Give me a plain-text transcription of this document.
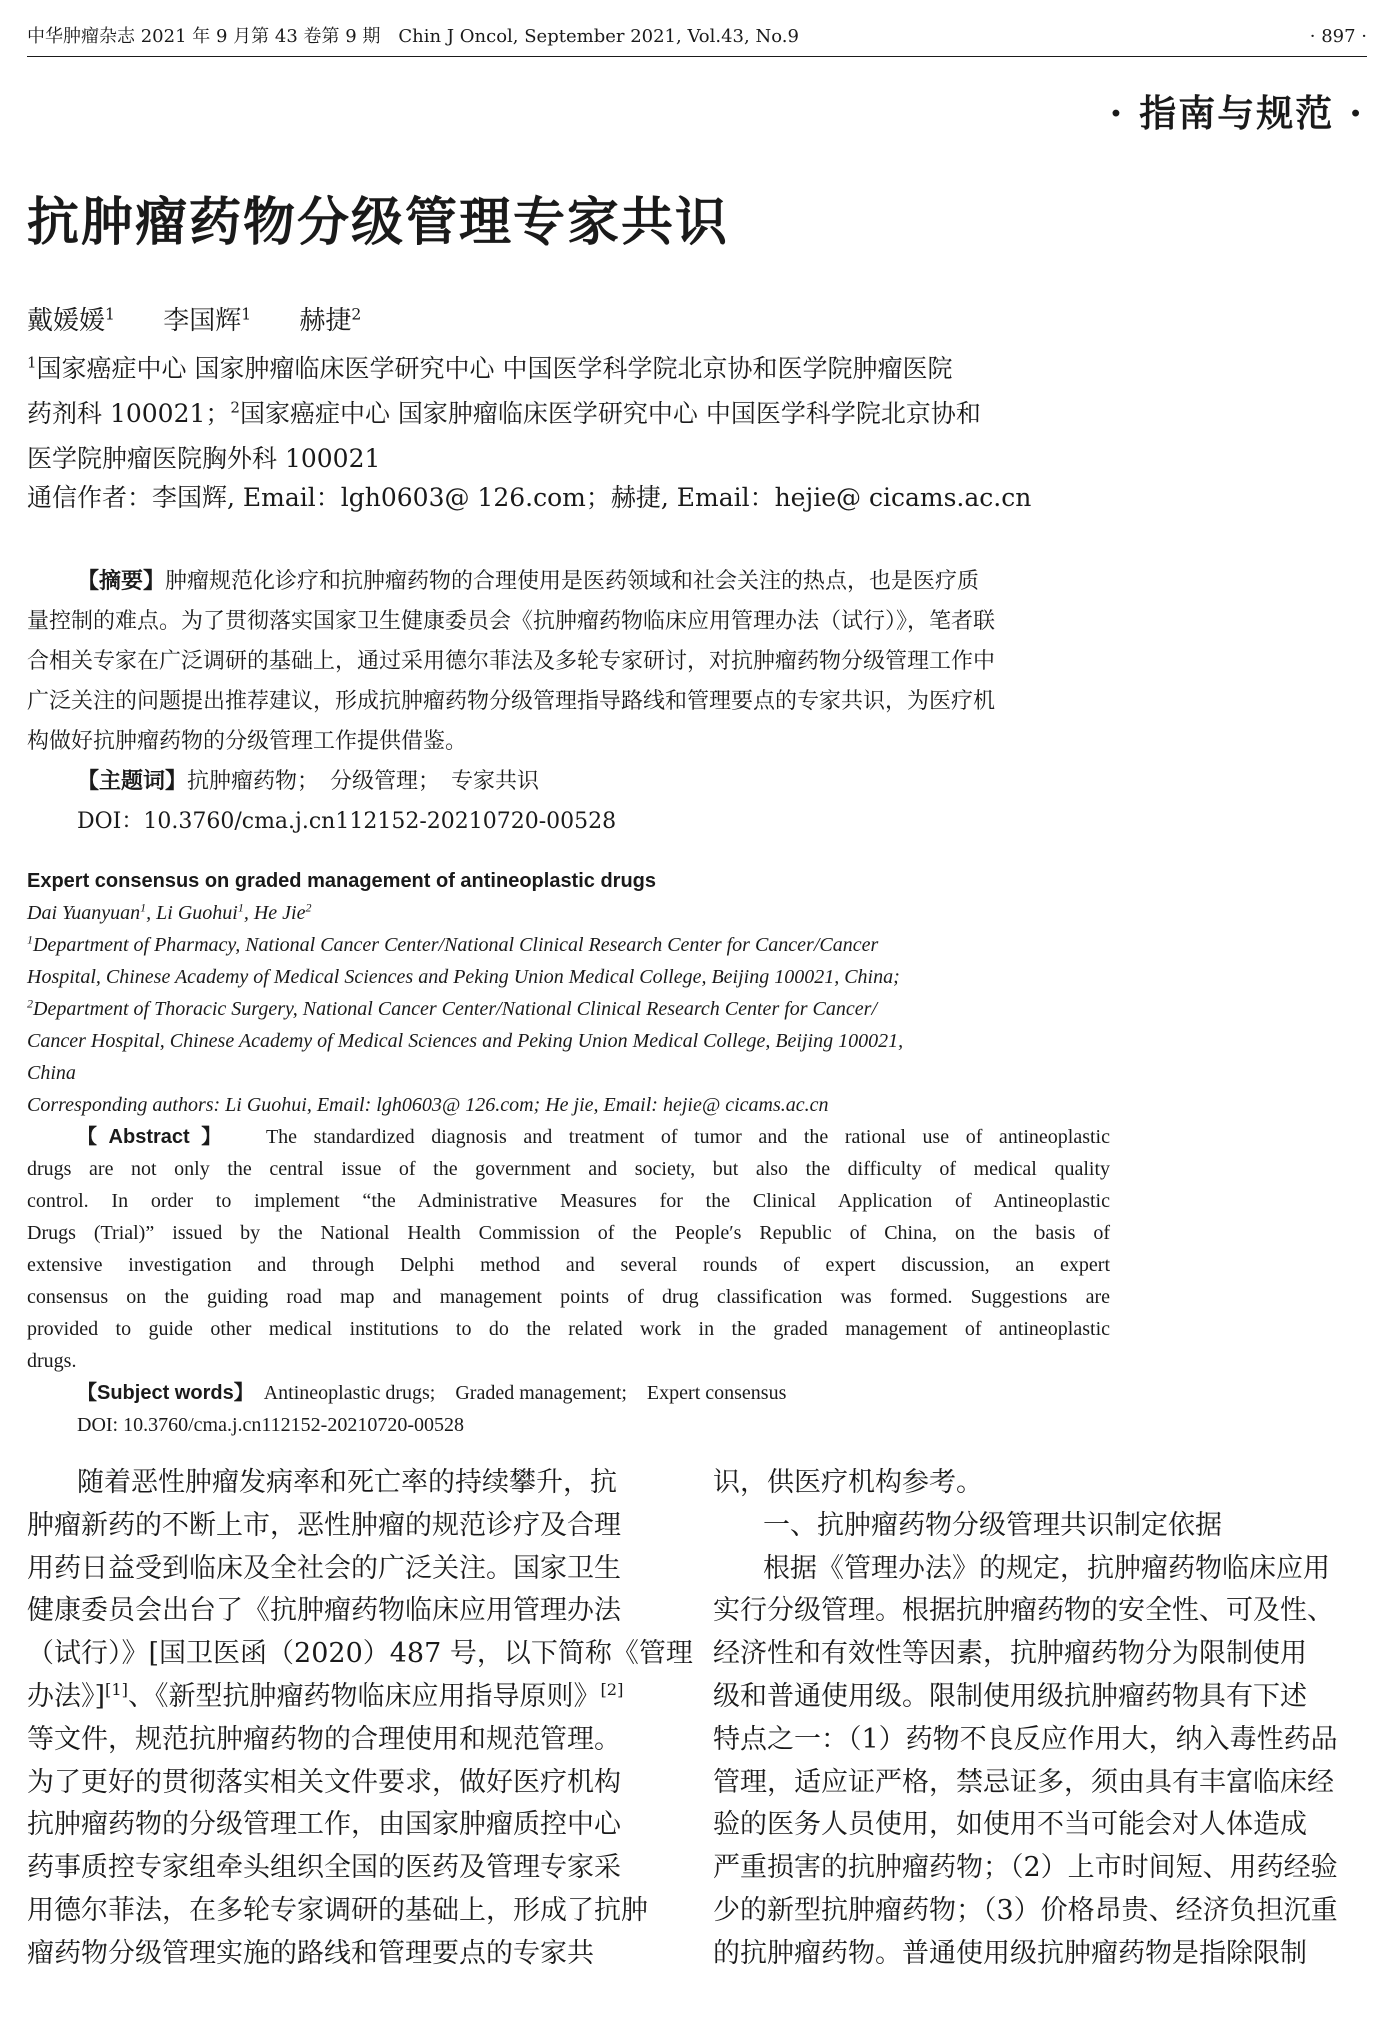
中华肿瘤杂志 2021 年 9 月第 43 卷第 9 期　Chin J Oncol, September 2021, Vol.43, No.9	· 897 ·
· 指南与规范 ·
抗肿瘤药物分级管理专家共识
戴媛媛$^1$ 李国辉$^1$ 赫捷$^2$
$^1$国家癌症中心 国家肿瘤临床医学研究中心 中国医学科学院北京协和医学院肿瘤医院
药剂科 100021；$^2$国家癌症中心 国家肿瘤临床医学研究中心 中国医学科学院北京协和
医学院肿瘤医院胸外科 100021
通信作者：李国辉, Email：lgh0603@ 126.com；赫捷, Email：hejie@ cicams.ac.cn
【摘要】肿瘤规范化诊疗和抗肿瘤药物的合理使用是医药领域和社会关注的热点，也是医疗质
量控制的难点。为了贯彻落实国家卫生健康委员会《抗肿瘤药物临床应用管理办法（试行）》，笔者联
合相关专家在广泛调研的基础上，通过采用德尔菲法及多轮专家研讨，对抗肿瘤药物分级管理工作中
广泛关注的问题提出推荐建议，形成抗肿瘤药物分级管理指导路线和管理要点的专家共识，为医疗机
构做好抗肿瘤药物的分级管理工作提供借鉴。
【主题词】抗肿瘤药物；　分级管理；　专家共识
DOI：10.3760/cma.j.cn112152-20210720-00528
Expert consensus on graded management of antineoplastic drugs
Dai Yuanyuan$^1$, Li Guohui$^1$, He Jie$^2$
$^1$Department of Pharmacy, National Cancer Center/National Clinical Research Center for Cancer/Cancer
Hospital, Chinese Academy of Medical Sciences and Peking Union Medical College, Beijing 100021, China;
$^2$Department of Thoracic Surgery, National Cancer Center/National Clinical Research Center for Cancer/
Cancer Hospital, Chinese Academy of Medical Sciences and Peking Union Medical College, Beijing 100021,
China
Corresponding authors: Li Guohui, Email: lgh0603@ 126.com; He jie, Email: hejie@ cicams.ac.cn
【Abstract】 The standardized diagnosis and treatment of tumor and the rational use of antineoplastic
drugs are not only the central issue of the government and society, but also the difficulty of medical quality
control. In order to implement “the Administrative Measures for the Clinical Application of Antineoplastic
Drugs (Trial)” issued by the National Health Commission of the People′s Republic of China, on the basis of
extensive investigation and through Delphi method and several rounds of expert discussion, an expert
consensus on the guiding road map and management points of drug classification was formed. Suggestions are
provided to guide other medical institutions to do the related work in the graded management of antineoplastic
drugs.
【Subject words】 Antineoplastic drugs;　Graded management;　Expert consensus
DOI: 10.3760/cma.j.cn112152-20210720-00528
随着恶性肿瘤发病率和死亡率的持续攀升，抗
肿瘤新药的不断上市，恶性肿瘤的规范诊疗及合理
用药日益受到临床及全社会的广泛关注。国家卫生
健康委员会出台了《抗肿瘤药物临床应用管理办法
（试行）》[国卫医函（2020）487 号，以下简称《管理
办法》][1]、《新型抗肿瘤药物临床应用指导原则》[2]
等文件，规范抗肿瘤药物的合理使用和规范管理。
为了更好的贯彻落实相关文件要求，做好医疗机构
抗肿瘤药物的分级管理工作，由国家肿瘤质控中心
药事质控专家组牵头组织全国的医药及管理专家采
用德尔菲法，在多轮专家调研的基础上，形成了抗肿
瘤药物分级管理实施的路线和管理要点的专家共
识，供医疗机构参考。
一、抗肿瘤药物分级管理共识制定依据
根据《管理办法》的规定，抗肿瘤药物临床应用
实行分级管理。根据抗肿瘤药物的安全性、可及性、
经济性和有效性等因素，抗肿瘤药物分为限制使用
级和普通使用级。限制使用级抗肿瘤药物具有下述
特点之一：（1）药物不良反应作用大，纳入毒性药品
管理，适应证严格，禁忌证多，须由具有丰富临床经
验的医务人员使用，如使用不当可能会对人体造成
严重损害的抗肿瘤药物；（2）上市时间短、用药经验
少的新型抗肿瘤药物；（3）价格昂贵、经济负担沉重
的抗肿瘤药物。普通使用级抗肿瘤药物是指除限制
